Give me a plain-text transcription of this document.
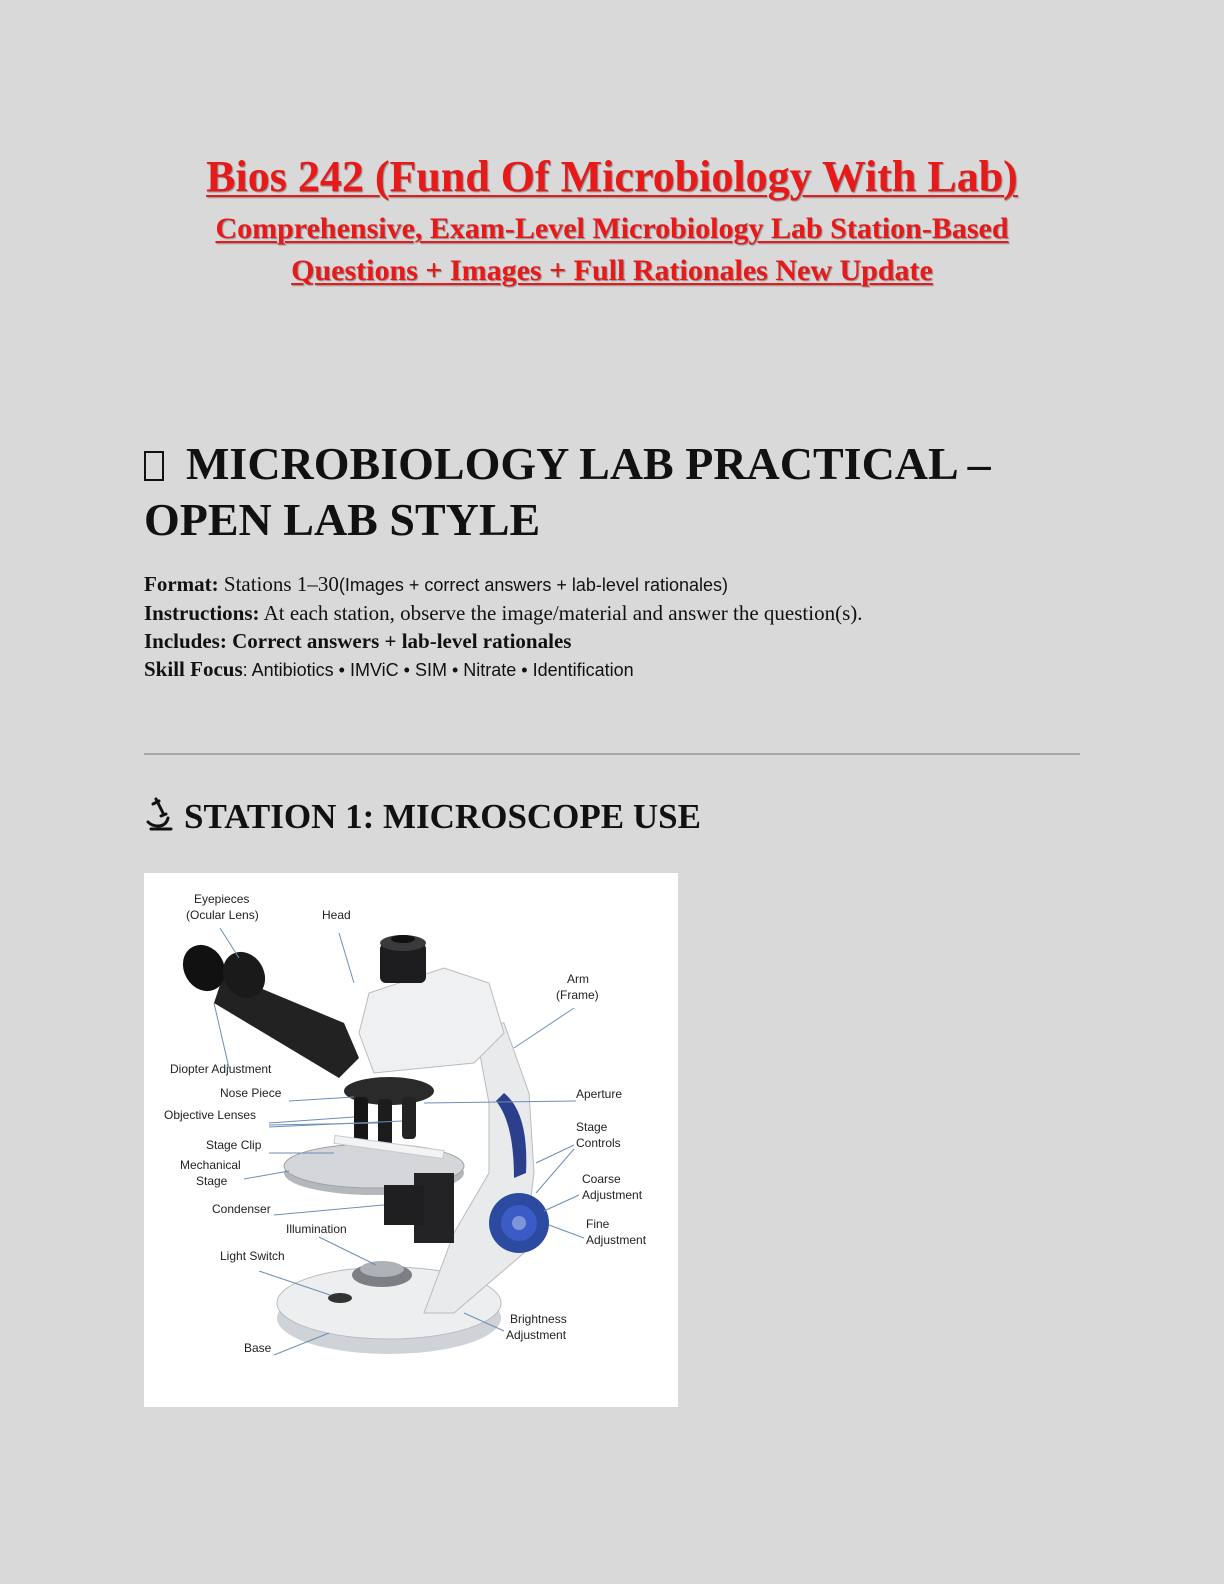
Bios 242 (Fund Of Microbiology With Lab)

Comprehensive, Exam-Level Microbiology Lab Station-Based
Questions + Images + Full Rationales New Update

MICROBIOLOGY LAB PRACTICAL –
OPEN LAB STYLE
Format: Stations 1–30(Images + correct answers + lab-level rationales)
Instructions: At each station, observe the image/material and answer the question(s).
Includes: Correct answers + lab-level rationales
Skill Focus: Antibiotics • IMViC • SIM • Nitrate • Identification
STATION 1: MICROSCOPE USE
Eyepieces
(Ocular Lens)	Head
Arm
(Frame)
Diopter Adjustment
Nose Piece
Objective Lenses
Aperture
Stage
Controls
Stage Clip
Mechanical
Stage	Coarse
Adjustment
Condenser
Fine
Adjustment
Illumination
Light Switch
Brightness
Adjustment
Base
